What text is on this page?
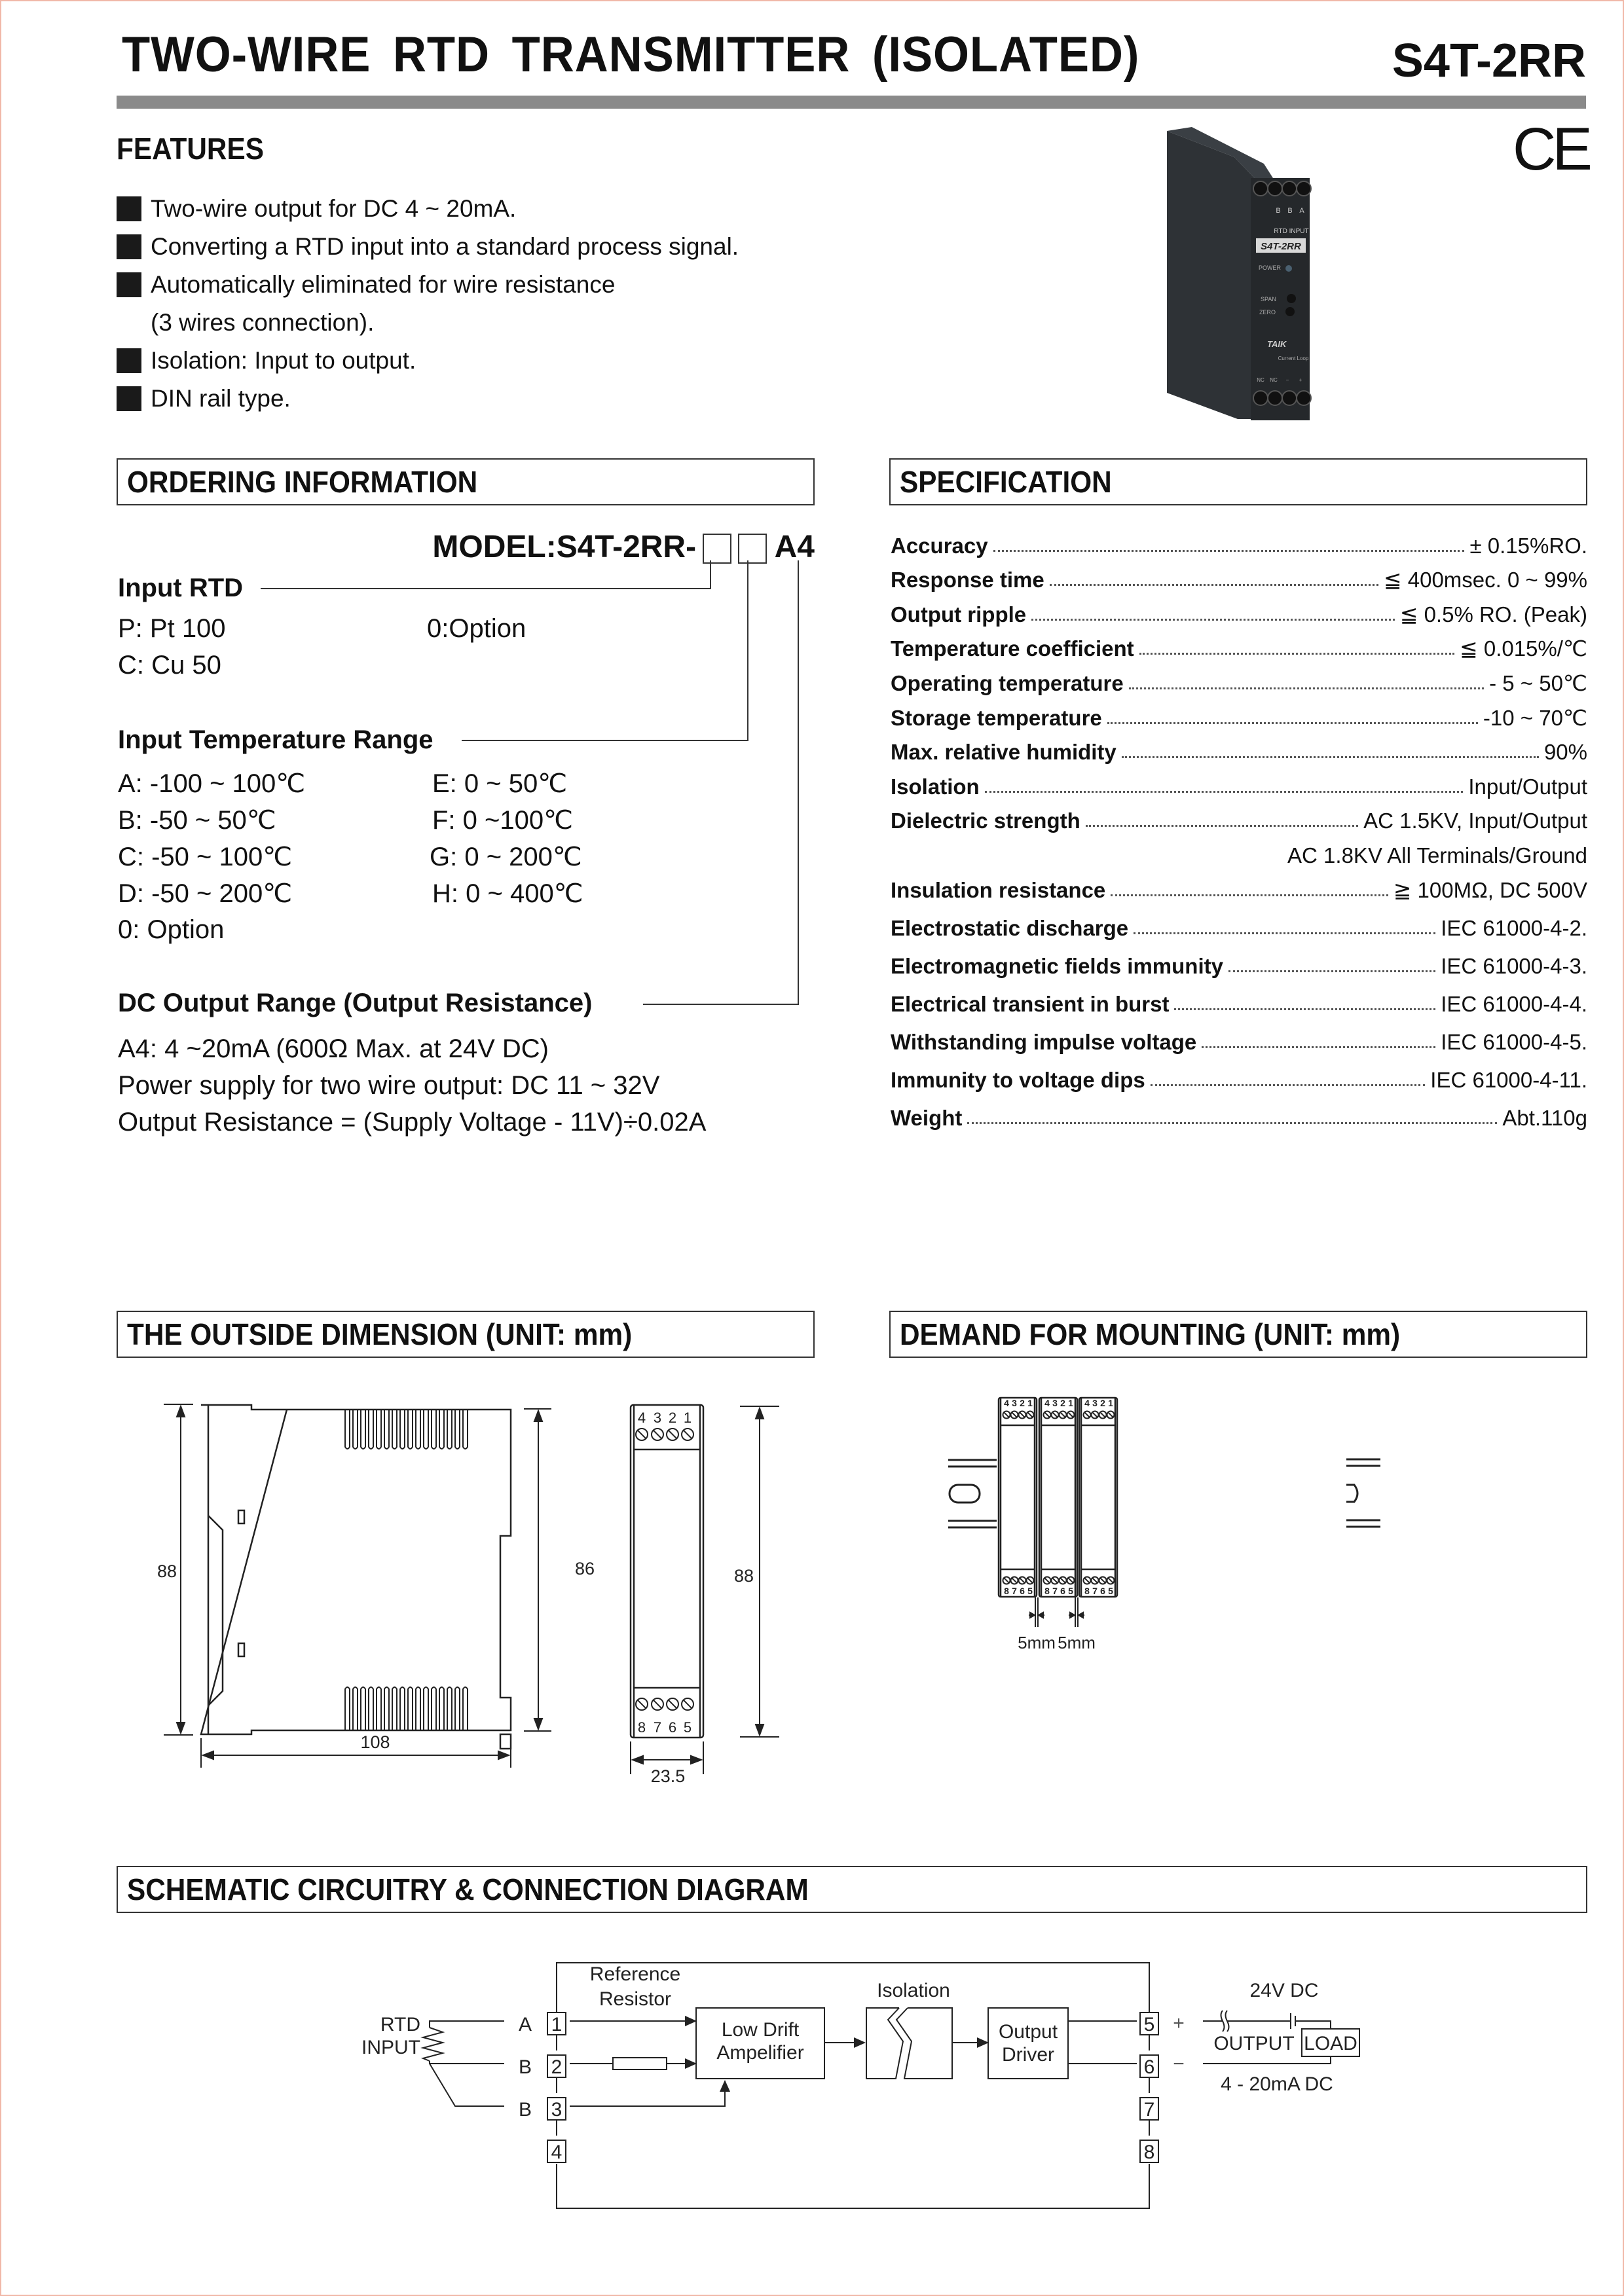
TWO-WIRE RTD TRANSMITTER (ISOLATED)	S4T-2RR
CE
FEATURES
Two-wire output for DC 4 ~ 20mA.
Converting a RTD input into a standard process signal.
Automatically eliminated for wire resistance
(3 wires connection).
Isolation: Input to output.
DIN rail type.
B B A
RTD INPUT
S4T-2RR
POWER
SPAN
ZERO
TAIK
Current Loop
NC NC − +
ORDERING INFORMATION
MODEL:S4T-2RR- A4
Input RTD
P: Pt 100
C: Cu 50
0:Option
Input Temperature Range
A: -100 ~ 100℃
B: -50 ~ 50℃
C: -50 ~ 100℃
D: -50 ~ 200℃
0: Option
E: 0 ~ 50℃
F: 0 ~100℃
G: 0 ~ 200℃
H: 0 ~ 400℃
DC Output Range (Output Resistance)
A4: 4 ~20mA (600Ω Max. at 24V DC)
Power supply for two wire output: DC 11 ~ 32V
Output Resistance = (Supply Voltage - 11V)÷0.02A
SPECIFICATION
Accuracy	± 0.15%RO.
Response time	≦ 400msec. 0 ~ 99%
Output ripple	≦ 0.5% RO. (Peak)
Temperature coefficient	≦ 0.015%/℃
Operating temperature	- 5 ~ 50℃
Storage temperature	-10 ~ 70℃
Max. relative humidity	90%
Isolation	Input/Output
Dielectric strength	AC 1.5KV, Input/Output
AC 1.8KV All Terminals/Ground
Insulation resistance	≧ 100MΩ, DC 500V
Electrostatic discharge	IEC 61000-4-2.
Electromagnetic fields immunity	IEC 61000-4-3.
Electrical transient in burst	IEC 61000-4-4.
Withstanding impulse voltage	IEC 61000-4-5.
Immunity to voltage dips	IEC 61000-4-11.
Weight	Abt.110g
THE OUTSIDE DIMENSION (UNIT: mm)
4 3 2 1
8 7 6 5
88	86
108
88
23.5
DEMAND FOR MOUNTING (UNIT: mm)
4
8
3
7
2
6
1
5
4
8
3
7
2
6
1
5
4
8
3
7
2
6
1
5
5mm 5mm
SCHEMATIC CIRCUITRY & CONNECTION DIAGRAM
1
2
3
4
5
6
7
8
A
B
B
Reference
Resistor
Low Drift
Ampelifier
Isolation
Output
Driver
24V DC
+
−
OUTPUT LOAD
4 - 20mA DC
RTD
INPUT
